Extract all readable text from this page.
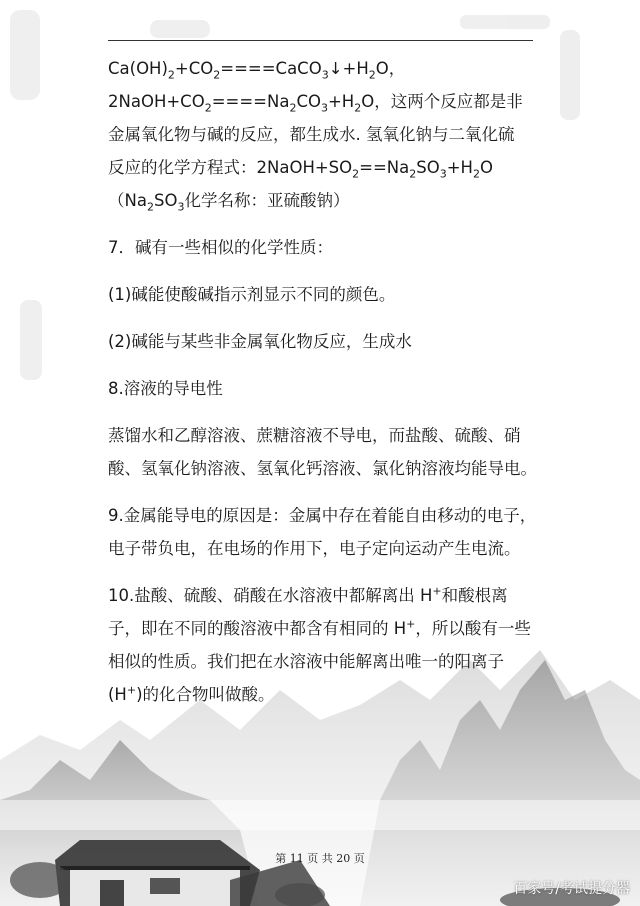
$Ca(OH)_2+CO_2====CaCO_3↓+H_2O$，

$2NaOH+CO_2====Na_2CO_3+H_2O$，这两个反应都是非

金属氧化物与碱的反应，都生成水. 氢氧化钠与二氧化硫

反应的化学方程式：$2NaOH+SO_2==Na_2SO_3+H_2O$

（$Na_2SO_3$化学名称：亚硫酸钠）

7．碱有一些相似的化学性质：

(1)碱能使酸碱指示剂显示不同的颜色。

(2)碱能与某些非金属氧化物反应，生成水

8.溶液的导电性

蒸馏水和乙醇溶液、蔗糖溶液不导电，而盐酸、硫酸、硝酸、氢氧化钠溶液、氢氧化钙溶液、氯化钠溶液均能导电。

9.金属能导电的原因是：金属中存在着能自由移动的电子，电子带负电，在电场的作用下，电子定向运动产生电流。

10.盐酸、硫酸、硝酸在水溶液中都解离出 H+和酸根离子，即在不同的酸溶液中都含有相同的 H+，所以酸有一些相似的性质。我们把在水溶液中能解离出唯一的阳离子(H+)的化合物叫做酸。

第 11 页 共 20 页
百家号/考试提分器
